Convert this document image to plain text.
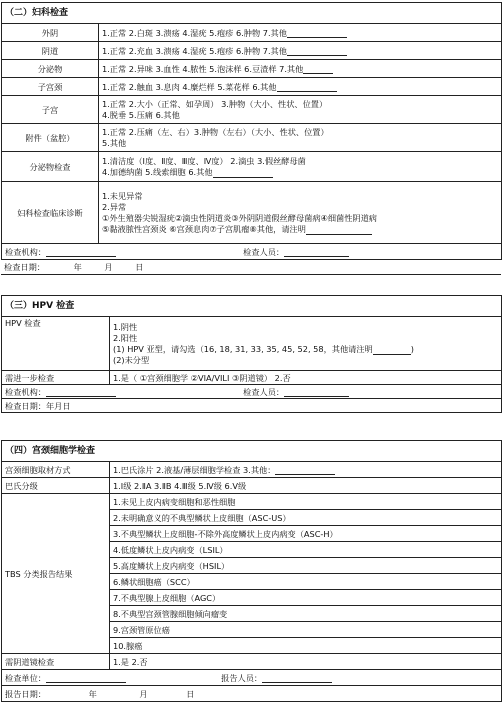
（二）妇科检查	
外阴	1.正常 2.白斑 3.溃疡 4.湿疣 5.疱疹 6.肿物 7.其他
阴道	1.正常 2.充血 3.溃疡 4.湿疣 5.疱疹 6.肿物 7.其他
分泌物	1.正常 2.异味 3.血性 4.脓性 5.泡沫样 6.豆渣样 7.其他
子宫颈	1.正常 2.触血 3.息肉 4.糜烂样 5.菜花样 6.其他
子宫	1.正常 2.大小（正常、如孕周） 3.肿物（大小、性状、位置）
4.脱垂 5.压痛 6.其他

附件（盆腔）	1.正常 2.压痛（左、右）3.肿物（左右）（大小、性状、位置）
5.其他

分泌物检查	1.清洁度（Ⅰ度、Ⅱ度、Ⅲ度、Ⅳ度） 2.滴虫 3.假丝酵母菌
4.加德纳菌 5.线索细胞 6.其他

妇科检查临床诊断	1.未见异常
2.异常
①外生殖器尖锐湿疣②滴虫性阴道炎③外阴阴道假丝酵母菌病④细菌性阴道病
⑤黏液脓性宫颈炎 ⑥宫颈息肉⑦子宫肌瘤⑧其他，请注明

检查机构： 检查人员：	
检查日期：	年	月	日
（三）HPV 检查	
HPV 检查	1.阴性
2.阳性
(1) HPV 亚型，请勾选（16, 18, 31, 33, 35, 45, 52, 58，其他请注明 )
(2)未分型

需进一步检查	1.是（ ①宫颈细胞学 ②VIA/VILI ③阴道镜） 2.否
检查机构： 检查人员：	
检查日期：年月日	
（四）宫颈细胞学检查	
宫颈细胞取材方式	1.巴氏涂片 2.液基/薄层细胞学检查 3.其他：
巴氏分级	1.Ⅰ级 2.ⅡA 3.ⅡB 4.Ⅲ级 5.Ⅳ级 6.Ⅴ级
TBS 分类报告结果	1.未见上皮内病变细胞和恶性细胞
	2.未明确意义的不典型鳞状上皮细胞（ASC-US）
	3.不典型鳞状上皮细胞-不除外高度鳞状上皮内病变（ASC-H）
	4.低度鳞状上皮内病变（LSIL）
	5.高度鳞状上皮内病变（HSIL）
	6.鳞状细胞癌（SCC）
	7.不典型腺上皮细胞（AGC）
	8.不典型宫颈管腺细胞倾向瘤变
	9.宫颈管原位癌
	10.腺癌
需阴道镜检查	1.是 2.否
检查单位： 报告人员：	
报告日期： 年 月 日	
